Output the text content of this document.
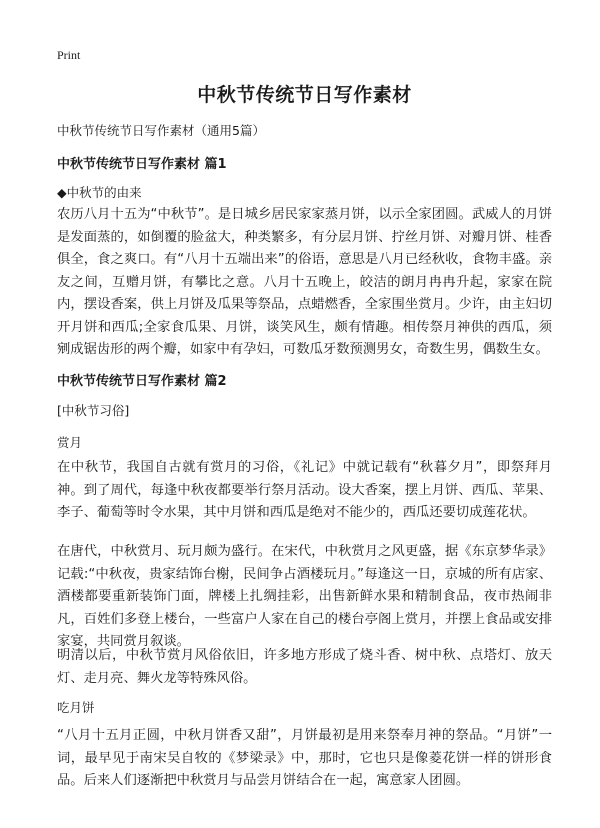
Print
中秋节传统节日写作素材
中秋节传统节日写作素材（通用5篇）
中秋节传统节日写作素材 篇1
◆中秋节的由来

农历八月十五为“中秋节”。是日城乡居民家家蒸月饼，以示全家团圆。武威人的月饼是发面蒸的，如倒覆的脸盆大，种类繁多，有分层月饼、拧丝月饼、对瓣月饼、桂香俱全，食之爽口。有“八月十五端出来”的俗语，意思是八月已经秋收，食物丰盛。亲友之间，互赠月饼，有攀比之意。八月十五晚上，皎洁的朗月冉冉升起，家家在院内，摆设香案，供上月饼及瓜果等祭品，点蜡燃香，全家围坐赏月。少许，由主妇切开月饼和西瓜;全家食瓜果、月饼，谈笑风生，颇有情趣。相传祭月神供的西瓜，须剜成锯齿形的两个瓣，如家中有孕妇，可数瓜牙数预测男女，奇数生男，偶数生女。

中秋节传统节日写作素材 篇2
[中秋节习俗]
赏月

在中秋节，我国自古就有赏月的习俗，《礼记》中就记载有“秋暮夕月”，即祭拜月神。到了周代，每逢中秋夜都要举行祭月活动。设大香案，摆上月饼、西瓜、苹果、李子、葡萄等时令水果，其中月饼和西瓜是绝对不能少的，西瓜还要切成莲花状。

在唐代，中秋赏月、玩月颇为盛行。在宋代，中秋赏月之风更盛，据《东京梦华录》记载:“中秋夜，贵家结饰台榭，民间争占酒楼玩月。”每逢这一日，京城的所有店家、酒楼都要重新装饰门面，牌楼上扎绸挂彩，出售新鲜水果和精制食品，夜市热闹非凡，百姓们多登上楼台，一些富户人家在自己的楼台亭阁上赏月，并摆上食品或安排家宴，共同赏月叙谈。

明清以后，中秋节赏月风俗依旧，许多地方形成了烧斗香、树中秋、点塔灯、放天灯、走月亮、舞火龙等特殊风俗。

吃月饼

“八月十五月正圆，中秋月饼香又甜”，月饼最初是用来祭奉月神的祭品。“月饼”一词，最早见于南宋吴自牧的《梦梁录》中，那时，它也只是像菱花饼一样的饼形食品。后来人们逐渐把中秋赏月与品尝月饼结合在一起，寓意家人团圆。
